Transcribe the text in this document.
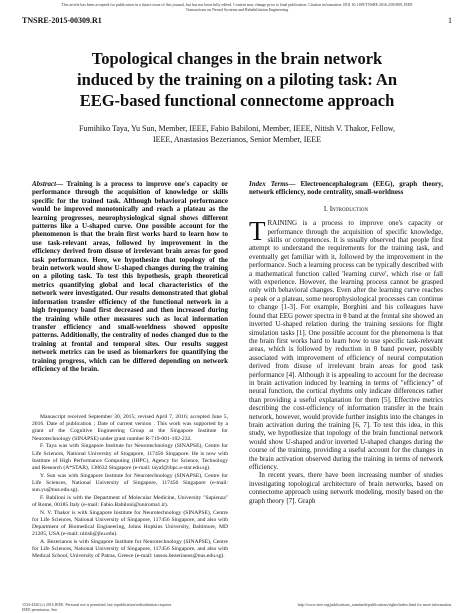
This article has been accepted for publication in a future issue of this journal, but has not been fully edited. Content may change prior to final publication. Citation information: DOI 10.1109/TNSRE.2016.2581809, IEEE
Transactions on Neural Systems and Rehabilitation Engineering
TNSRE-2015-00309.R1	1
Topological changes in the brain network
induced by the training on a piloting task: An
EEG-based functional connectome approach
Fumihiko Taya, Yu Sun, Member, IEEE, Fabio Babiloni, Member, IEEE, Nitish V. Thakor, Fellow,
IEEE, Anastasios Bezerianos, Senior Member, IEEE

Abstract— Training is a process to improve one's capacity or performance through the acquisition of knowledge or skills specific for the trained task. Although behavioral performance would be improved monotonically and reach a plateau as the learning progresses, neurophysiological signal shows different patterns like a U-shaped curve. One possible account for the phenomenon is that the brain first works hard to learn how to use task-relevant areas, followed by improvement in the efficiency derived from disuse of irrelevant brain areas for good task performance. Here, we hypothesize that topology of the brain network would show U-shaped changes during the training on a piloting task. To test this hypothesis, graph theoretical metrics quantifying global and local characteristics of the network were investigated. Our results demonstrated that global information transfer efficiency of the functional network in a high frequency band first decreased and then increased during the training while other measures such as local information transfer efficiency and small-worldness showed opposite patterns. Additionally, the centrality of nodes changed due to the training at frontal and temporal sites. Our results suggest network metrics can be used as biomarkers for quantifying the training progress, which can be differed depending on network efficiency of the brain.

Manuscript received September 30, 2015; revised April 7, 2016; accepted June 5, 2016. Date of publication ; Date of current version . This work was supported by a grant of the Cognitive Engineering Group at the Singapore Institute for Neurotechnology (SINAPSE) under grant number R-719-001-102-232.

F. Taya was with Singapore Institute for Neurotechnology (SINAPSE), Centre for Life Sciences, National University of Singapore, 117456 Singapore. He is now with Institute of High Performance Computing (IHPC), Agency for Science, Technology and Research (A*STAR), 138632 Singapore (e-mail: tayaf@ihpc.a-star.edu.sg).

Y. Sun was with Singapore Institute for Neurotechnology (SINAPSE), Centre for Life Sciences, National University of Singapore, 117456 Singapore (e-mail: sun.yu@nus.edu.sg).

F. Babiloni is with the Department of Molecular Medicine, University "Sapienza" of Rome, 00185 Italy (e-mail: Fabio.Babiloni@uniroma1.it).

N. V. Thakor is with Singapore Institute for Neurotechnology (SINAPSE), Centre for Life Sciences, National University of Singapore, 117456 Singapore, and also with Department of Biomedical Engineering, Johns Hopkins University, Baltimore, MD 21205, USA (e-mail: nitish@jhu.edu).

A. Bezerianos is with Singapore Institute for Neurotechnology (SINAPSE), Centre for Life Sciences, National University of Singapore, 117456 Singapore, and also with Medical School, University of Patras, Greece (e-mail: tassos.bezerianos@nus.edu.sg).

Index Terms— Electroencephalogram (EEG), graph theory, network efficiency, node centrality, small-worldness

I. Introduction

TRAINING is a process to improve one's capacity or performance through the acquisition of specific knowledge, skills or competences. It is usually observed that people first attempt to understand the requirements for the training task, and eventually get familiar with it, followed by the improvement in the performance. Such a learning process can be typically described with a mathematical function called 'learning curve', which rise or fall with experience. However, the learning process cannot be grasped only with behavioral changes. Even after the learning curve reaches a peak or a plateau, some neurophysiological processes can continue to change [1-3]. For example, Borghini and his colleagues have found that EEG power spectra in θ band at the frontal site showed an inverted U-shaped relation during the training sessions for flight simulation tasks [1]. One possible account for the phenomena is that the brain first works hard to learn how to use specific task-relevant areas, which is followed by reduction in θ band power, possibly associated with improvement of efficiency of neural computation derived from disuse of irrelevant brain areas for good task performance [4]. Although it is appealing to account for the decrease in brain activation induced by learning in terms of "efficiency" of neural function, the cortical rhythms only indicate differences rather than providing a useful explanation for them [5]. Effective metrics describing the cost-efficiency of information transfer in the brain network, however, would provide further insights into the changes in brain activation during the training [6, 7]. To test this idea, in this study, we hypothesize that topology of the brain functional network would show U-shaped and/or inverted U-shaped changes during the course of the training, providing a useful account for the changes in the brain activation observed during the training in terms of network efficiency.

In recent years, there have been increasing number of studies investigating topological architecture of brain networks, based on connectome approach using network modeling, mostly based on the graph theory [7]. Graph

1534-4320 (c) 2016 IEEE. Personal use is permitted, but republication/redistribution requires IEEE permission. See
http://www.ieee.org/publications_standards/publications/rights/index.html for more information.
